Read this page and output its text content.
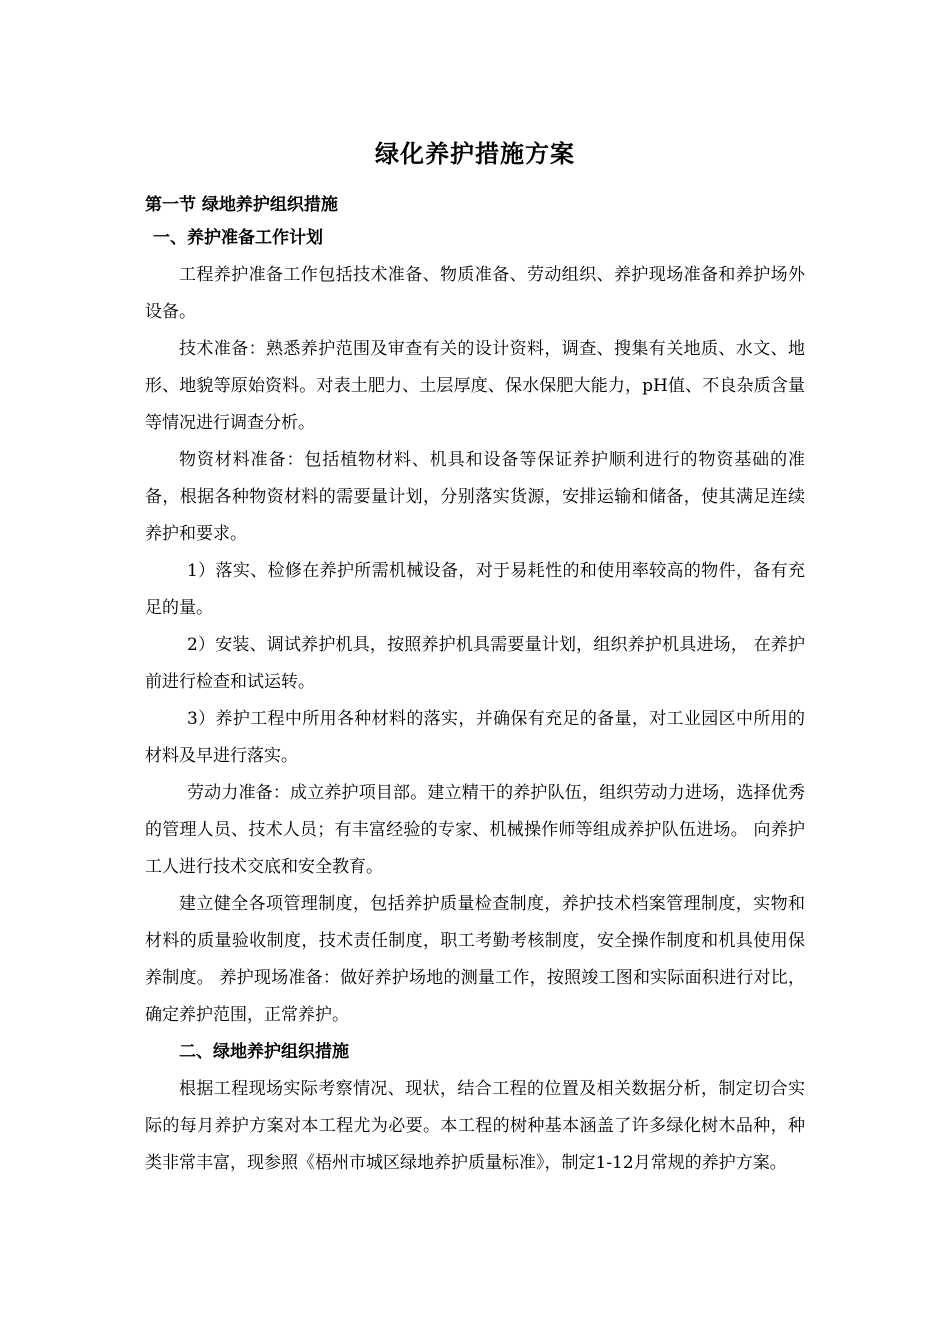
绿化养护措施方案
第一节 绿地养护组织措施

一、养护准备工作计划

工程养护准备工作包括技术准备、物质准备、劳动组织、养护现场准备和养护场外设备。

技术准备：熟悉养护范围及审查有关的设计资料，调查、搜集有关地质、水文、地形、地貌等原始资料。对表土肥力、土层厚度、保水保肥大能力，pH值、不良杂质含量等情况进行调查分析。

物资材料准备：包括植物材料、机具和设备等保证养护顺利进行的物资基础的准备，根据各种物资材料的需要量计划，分别落实货源，安排运输和储备，使其满足连续养护和要求。

1）落实、检修在养护所需机械设备，对于易耗性的和使用率较高的物件，备有充足的量。

2）安装、调试养护机具，按照养护机具需要量计划，组织养护机具进场， 在养护前进行检查和试运转。

3）养护工程中所用各种材料的落实，并确保有充足的备量，对工业园区中所用的材料及早进行落实。

劳动力准备：成立养护项目部。建立精干的养护队伍，组织劳动力进场，选择优秀的管理人员、技术人员；有丰富经验的专家、机械操作师等组成养护队伍进场。 向养护工人进行技术交底和安全教育。

建立健全各项管理制度，包括养护质量检查制度，养护技术档案管理制度，实物和材料的质量验收制度，技术责任制度，职工考勤考核制度，安全操作制度和机具使用保养制度。 养护现场准备：做好养护场地的测量工作，按照竣工图和实际面积进行对比，确定养护范围，正常养护。

二、绿地养护组织措施

根据工程现场实际考察情况、现状，结合工程的位置及相关数据分析，制定切合实际的每月养护方案对本工程尤为必要。本工程的树种基本涵盖了许多绿化树木品种，种类非常丰富，现参照《梧州市城区绿地养护质量标准》，制定1-12月常规的养护方案。
